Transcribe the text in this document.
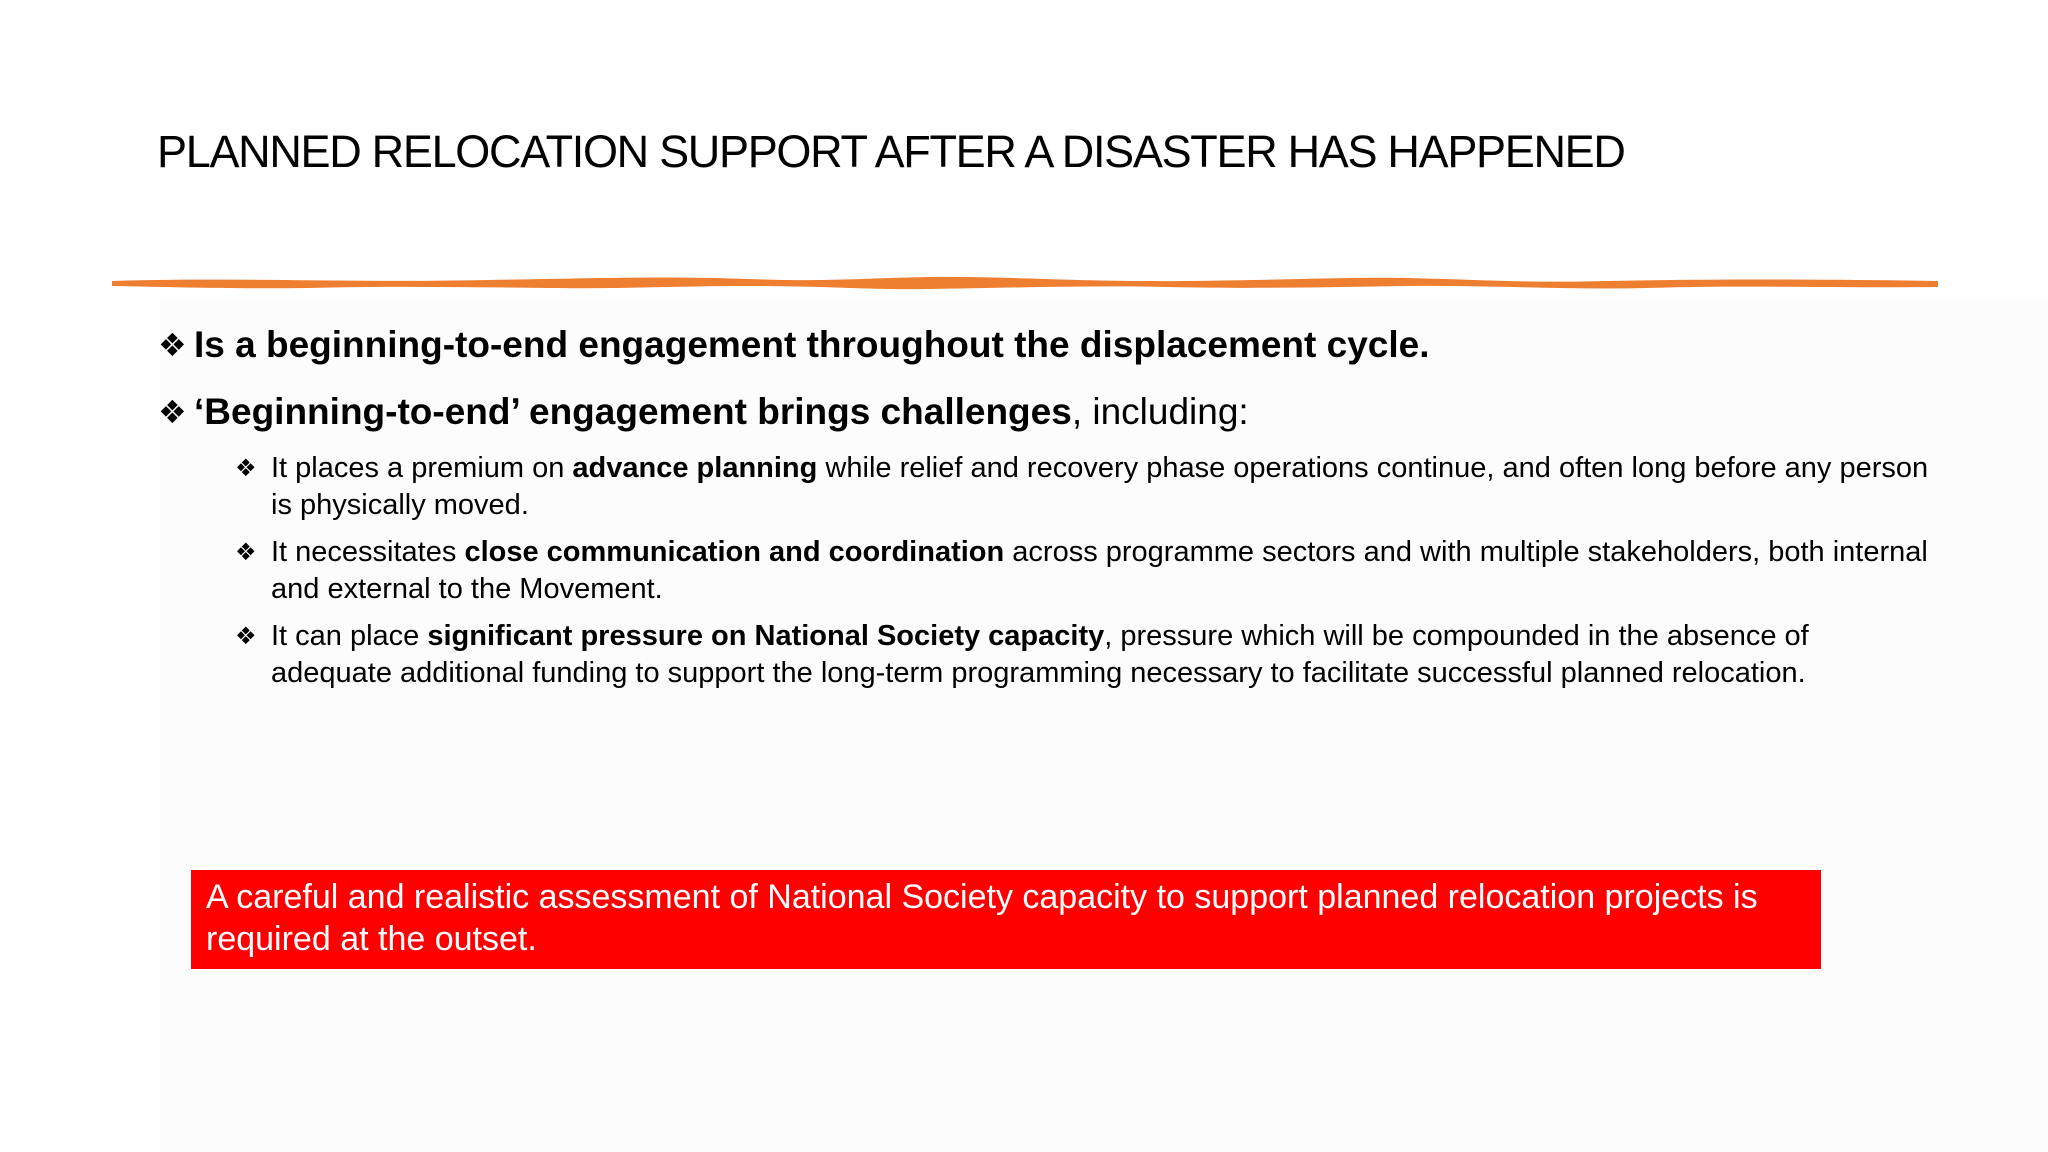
PLANNED RELOCATION SUPPORT AFTER A DISASTER HAS HAPPENED
❖ Is a beginning-to-end engagement throughout the displacement cycle.
❖ ‘Beginning-to-end’ engagement brings challenges, including:
❖ It places a premium on advance planning while relief and recovery phase operations continue, and often long before any person is physically moved.
❖ It necessitates close communication and coordination across programme sectors and with multiple stakeholders, both internal and external to the Movement.
❖ It can place significant pressure on National Society capacity, pressure which will be compounded in the absence of adequate additional funding to support the long-term programming necessary to facilitate successful planned relocation.
A careful and realistic assessment of National Society capacity to support planned relocation projects is required at the outset.
